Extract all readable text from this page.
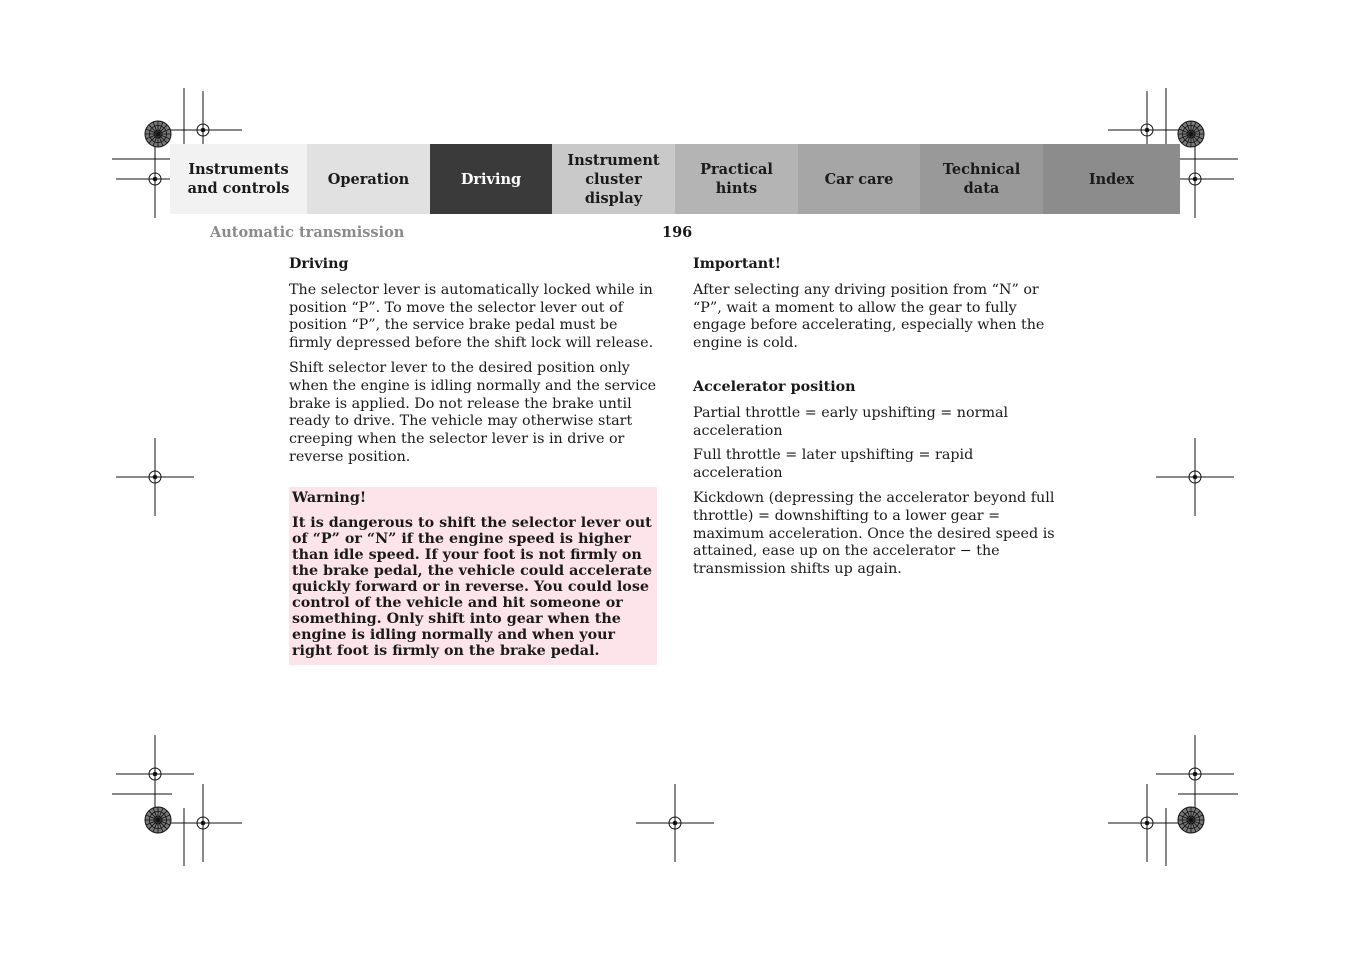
Instruments
and controls
Operation	Driving
Instrument
cluster display
Practical hints
Car care
Technical
data
Index
Automatic transmission	196
Driving

The selector lever is automatically locked while in position “P”. To move the selector lever out of position “P”, the service brake pedal must be firmly depressed before the shift lock will release.

Shift selector lever to the desired position only when the engine is idling normally and the service brake is applied. Do not release the brake until ready to drive. The vehicle may otherwise start creeping when the selector lever is in drive or reverse position.

Warning!

It is dangerous to shift the selector lever out of “P” or “N” if the engine speed is higher than idle speed. If your foot is not firmly on the brake pedal, the vehicle could accelerate quickly forward or in reverse. You could lose control of the vehicle and hit someone or something. Only shift into gear when the engine is idling normally and when your right foot is firmly on the brake pedal.

Important!

After selecting any driving position from “N” or “P”, wait a moment to allow the gear to fully engage before accelerating, especially when the engine is cold.

Accelerator position

Partial throttle = early upshifting = normal acceleration

Full throttle = later upshifting = rapid acceleration

Kickdown (depressing the accelerator beyond full throttle) = downshifting to a lower gear = maximum acceleration. Once the desired speed is attained, ease up on the accelerator − the transmission shifts up again.
